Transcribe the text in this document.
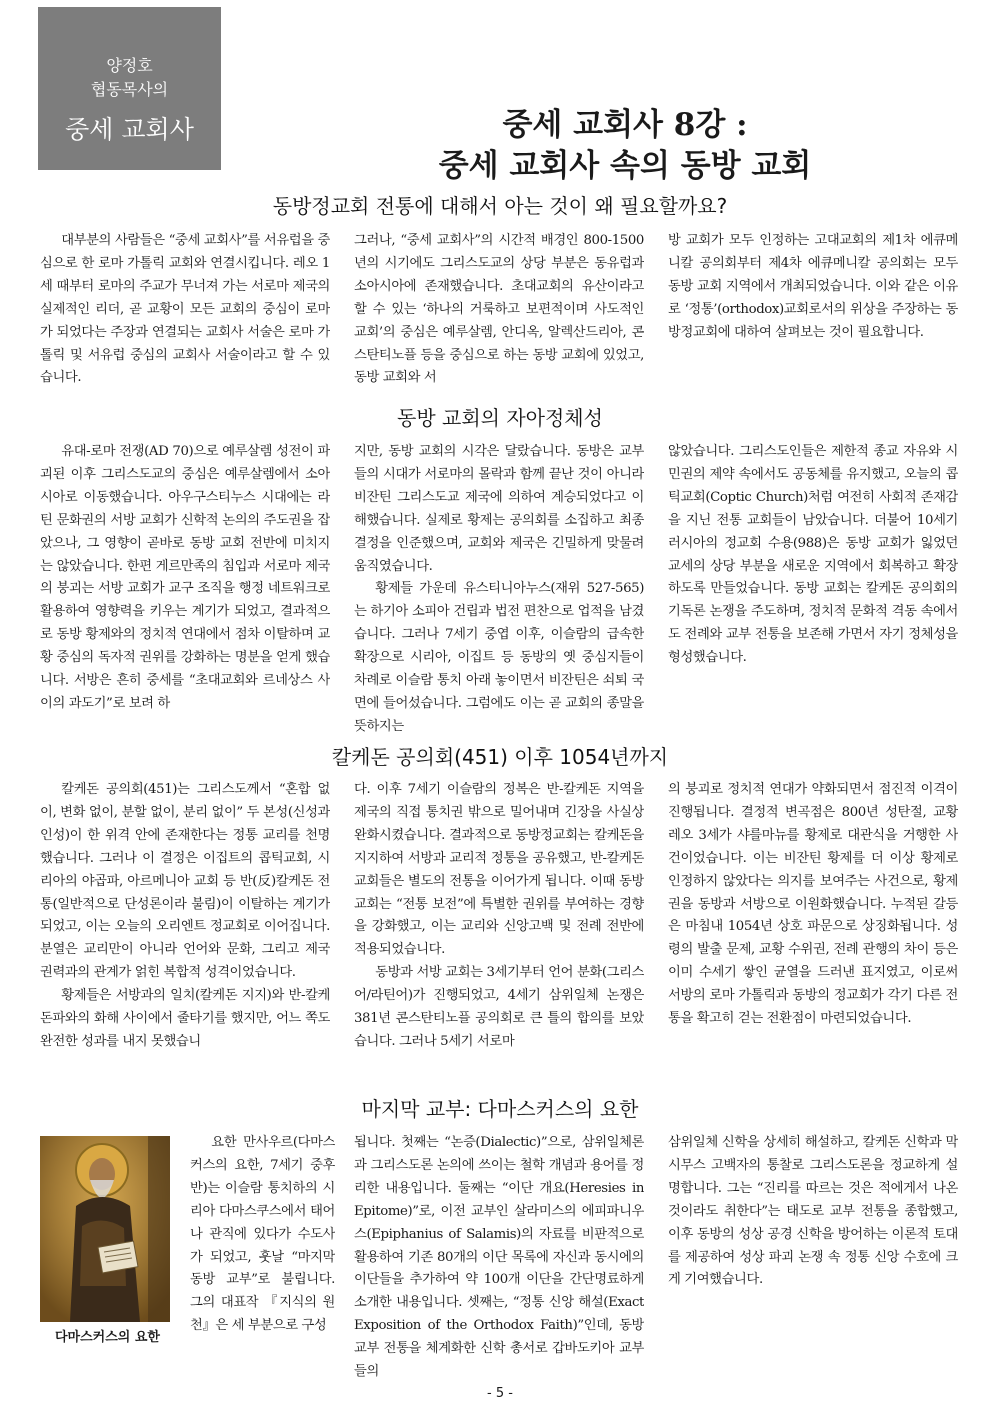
양정호
협동목사의
중세 교회사	중세 교회사 8강 :
중세 교회사 속의 동방 교회
동방정교회 전통에 대해서 아는 것이 왜 필요할까요?

대부분의 사람들은 “중세 교회사”를 서유럽을 중심으로 한 로마 가톨릭 교회와 연결시킵니다. 레오 1세 때부터 로마의 주교가 무너져 가는 서로마 제국의 실제적인 리더, 곧 교황이 모든 교회의 중심이 로마가 되었다는 주장과 연결되는 교회사 서술은 로마 가톨릭 및 서유럽 중심의 교회사 서술이라고 할 수 있습니다.

그러나, “중세 교회사”의 시간적 배경인 800-1500년의 시기에도 그리스도교의 상당 부분은 동유럽과 소아시아에 존재했습니다. 초대교회의 유산이라고 할 수 있는 ‘하나의 거룩하고 보편적이며 사도적인 교회’의 중심은 예루살렘, 안디옥, 알렉산드리아, 콘스탄티노플 등을 중심으로 하는 동방 교회에 있었고, 동방 교회와 서

방 교회가 모두 인정하는 고대교회의 제1차 에큐메니칼 공의회부터 제4차 에큐메니칼 공의회는 모두 동방 교회 지역에서 개최되었습니다. 이와 같은 이유로 ‘정통’(orthodox)교회로서의 위상을 주장하는 동방정교회에 대하여 살펴보는 것이 필요합니다.

동방 교회의 자아정체성

유대-로마 전쟁(AD 70)으로 예루살렘 성전이 파괴된 이후 그리스도교의 중심은 예루살렘에서 소아시아로 이동했습니다. 아우구스티누스 시대에는 라틴 문화권의 서방 교회가 신학적 논의의 주도권을 잡았으나, 그 영향이 곧바로 동방 교회 전반에 미치지는 않았습니다. 한편 게르만족의 침입과 서로마 제국의 붕괴는 서방 교회가 교구 조직을 행정 네트워크로 활용하여 영향력을 키우는 계기가 되었고, 결과적으로 동방 황제와의 정치적 연대에서 점차 이탈하며 교황 중심의 독자적 권위를 강화하는 명분을 얻게 했습니다. 서방은 흔히 중세를 “초대교회와 르네상스 사이의 과도기”로 보려 하

지만, 동방 교회의 시각은 달랐습니다. 동방은 교부들의 시대가 서로마의 몰락과 함께 끝난 것이 아니라 비잔틴 그리스도교 제국에 의하여 계승되었다고 이해했습니다. 실제로 황제는 공의회를 소집하고 최종 결정을 인준했으며, 교회와 제국은 긴밀하게 맞물려 움직였습니다.

황제들 가운데 유스티니아누스(재위 527-565)는 하기아 소피아 건립과 법전 편찬으로 업적을 남겼습니다. 그러나 7세기 중엽 이후, 이슬람의 급속한 확장으로 시리아, 이집트 등 동방의 옛 중심지들이 차례로 이슬람 통치 아래 놓이면서 비잔틴은 쇠퇴 국면에 들어섰습니다. 그럼에도 이는 곧 교회의 종말을 뜻하지는

않았습니다. 그리스도인들은 제한적 종교 자유와 시민권의 제약 속에서도 공동체를 유지했고, 오늘의 콥틱교회(Coptic Church)처럼 여전히 사회적 존재감을 지닌 전통 교회들이 남았습니다. 더불어 10세기 러시아의 정교회 수용(988)은 동방 교회가 잃었던 교세의 상당 부분을 새로운 지역에서 회복하고 확장하도록 만들었습니다. 동방 교회는 칼케돈 공의회의 기독론 논쟁을 주도하며, 정치적 문화적 격동 속에서도 전례와 교부 전통을 보존해 가면서 자기 정체성을 형성했습니다.

칼케돈 공의회(451) 이후 1054년까지

칼케돈 공의회(451)는 그리스도께서 “혼합 없이, 변화 없이, 분할 없이, 분리 없이” 두 본성(신성과 인성)이 한 위격 안에 존재한다는 정통 교리를 천명했습니다. 그러나 이 결정은 이집트의 콥틱교회, 시리아의 야곱파, 아르메니아 교회 등 반(反)칼케돈 전통(일반적으로 단성론이라 불림)이 이탈하는 계기가 되었고, 이는 오늘의 오리엔트 정교회로 이어집니다. 분열은 교리만이 아니라 언어와 문화, 그리고 제국 권력과의 관계가 얽힌 복합적 성격이었습니다.

황제들은 서방과의 일치(칼케돈 지지)와 반-칼케돈파와의 화해 사이에서 줄타기를 했지만, 어느 쪽도 완전한 성과를 내지 못했습니

다. 이후 7세기 이슬람의 정복은 반-칼케돈 지역을 제국의 직접 통치권 밖으로 밀어내며 긴장을 사실상 완화시켰습니다. 결과적으로 동방정교회는 칼케돈을 지지하여 서방과 교리적 정통을 공유했고, 반-칼케돈 교회들은 별도의 전통을 이어가게 됩니다. 이때 동방 교회는 “전통 보전”에 특별한 권위를 부여하는 경향을 강화했고, 이는 교리와 신앙고백 및 전례 전반에 적용되었습니다.

동방과 서방 교회는 3세기부터 언어 분화(그리스어/라틴어)가 진행되었고, 4세기 삼위일체 논쟁은 381년 콘스탄티노플 공의회로 큰 틀의 합의를 보았습니다. 그러나 5세기 서로마

의 붕괴로 정치적 연대가 약화되면서 점진적 이격이 진행됩니다. 결정적 변곡점은 800년 성탄절, 교황 레오 3세가 샤를마뉴를 황제로 대관식을 거행한 사건이었습니다. 이는 비잔틴 황제를 더 이상 황제로 인정하지 않았다는 의지를 보여주는 사건으로, 황제권을 동방과 서방으로 이원화했습니다. 누적된 갈등은 마침내 1054년 상호 파문으로 상징화됩니다. 성령의 발출 문제, 교황 수위권, 전례 관행의 차이 등은 이미 수세기 쌓인 균열을 드러낸 표지였고, 이로써 서방의 로마 가톨릭과 동방의 정교회가 각기 다른 전통을 확고히 걷는 전환점이 마련되었습니다.

마지막 교부: 다마스커스의 요한
다마스커스의 요한

요한 만사우르(다마스커스의 요한, 7세기 중후반)는 이슬람 통치하의 시리아 다마스쿠스에서 태어나 관직에 있다가 수도사가 되었고, 훗날 “마지막 동방 교부”로 불립니다. 그의 대표작 『지식의 원천』은 세 부분으로 구성

됩니다. 첫째는 “논증(Dialectic)”으로, 삼위일체론과 그리스도론 논의에 쓰이는 철학 개념과 용어를 정리한 내용입니다. 둘째는 “이단 개요(Heresies in Epitome)”로, 이전 교부인 살라미스의 에피파니우스(Epiphanius of Salamis)의 자료를 비판적으로 활용하여 기존 80개의 이단 목록에 자신과 동시에의 이단들을 추가하여 약 100개 이단을 간단명료하게 소개한 내용입니다. 셋째는, “정통 신앙 해설(Exact Exposition of the Orthodox Faith)”인데, 동방 교부 전통을 체계화한 신학 총서로 갑바도키아 교부들의

삼위일체 신학을 상세히 해설하고, 칼케돈 신학과 막시무스 고백자의 통찰로 그리스도론을 정교하게 설명합니다. 그는 “진리를 따르는 것은 적에게서 나온 것이라도 취한다”는 태도로 교부 전통을 종합했고, 이후 동방의 성상 공경 신학을 방어하는 이론적 토대를 제공하여 성상 파괴 논쟁 속 정통 신앙 수호에 크게 기여했습니다.

- 5 -
